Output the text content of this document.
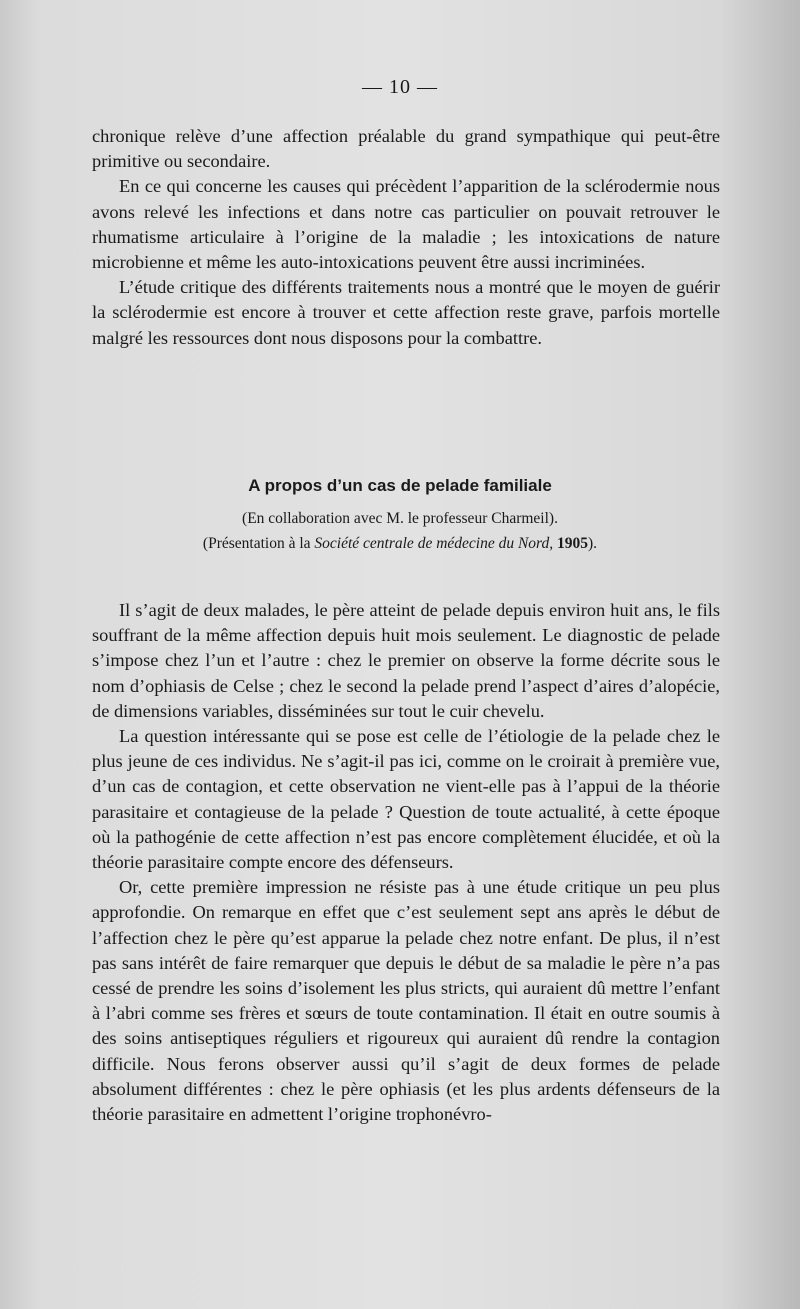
— 10 —

chronique relève d’une affection préalable du grand sympathique qui peut-être primitive ou secondaire.

En ce qui concerne les causes qui précèdent l’apparition de la sclérodermie nous avons relevé les infections et dans notre cas particulier on pouvait retrouver le rhumatisme articulaire à l’origine de la maladie ; les intoxications de nature microbienne et même les auto-intoxications peuvent être aussi incriminées.

L’étude critique des différents traitements nous a montré que le moyen de guérir la sclérodermie est encore à trouver et cette affection reste grave, parfois mortelle malgré les ressources dont nous disposons pour la combattre.

A propos d’un cas de pelade familiale
(En collaboration avec M. le professeur Charmeil).
(Présentation à la Société centrale de médecine du Nord, 1905).

Il s’agit de deux malades, le père atteint de pelade depuis environ huit ans, le fils souffrant de la même affection depuis huit mois seulement. Le diagnostic de pelade s’impose chez l’un et l’autre : chez le premier on observe la forme décrite sous le nom d’ophiasis de Celse ; chez le second la pelade prend l’aspect d’aires d’alopécie, de dimensions variables, disséminées sur tout le cuir chevelu.

La question intéressante qui se pose est celle de l’étiologie de la pelade chez le plus jeune de ces individus. Ne s’agit-il pas ici, comme on le croirait à première vue, d’un cas de contagion, et cette observation ne vient-elle pas à l’appui de la théorie parasitaire et contagieuse de la pelade ? Question de toute actualité, à cette époque où la pathogénie de cette affection n’est pas encore complètement élucidée, et où la théorie parasitaire compte encore des défenseurs.

Or, cette première impression ne résiste pas à une étude critique un peu plus approfondie. On remarque en effet que c’est seulement sept ans après le début de l’affection chez le père qu’est apparue la pelade chez notre enfant. De plus, il n’est pas sans intérêt de faire remarquer que depuis le début de sa maladie le père n’a pas cessé de prendre les soins d’isolement les plus stricts, qui auraient dû mettre l’enfant à l’abri comme ses frères et sœurs de toute contamination. Il était en outre soumis à des soins antiseptiques réguliers et rigoureux qui auraient dû rendre la contagion difficile. Nous ferons observer aussi qu’il s’agit de deux formes de pelade absolument différentes : chez le père ophiasis (et les plus ardents défenseurs de la théorie parasitaire en admettent l’origine trophonévro-
